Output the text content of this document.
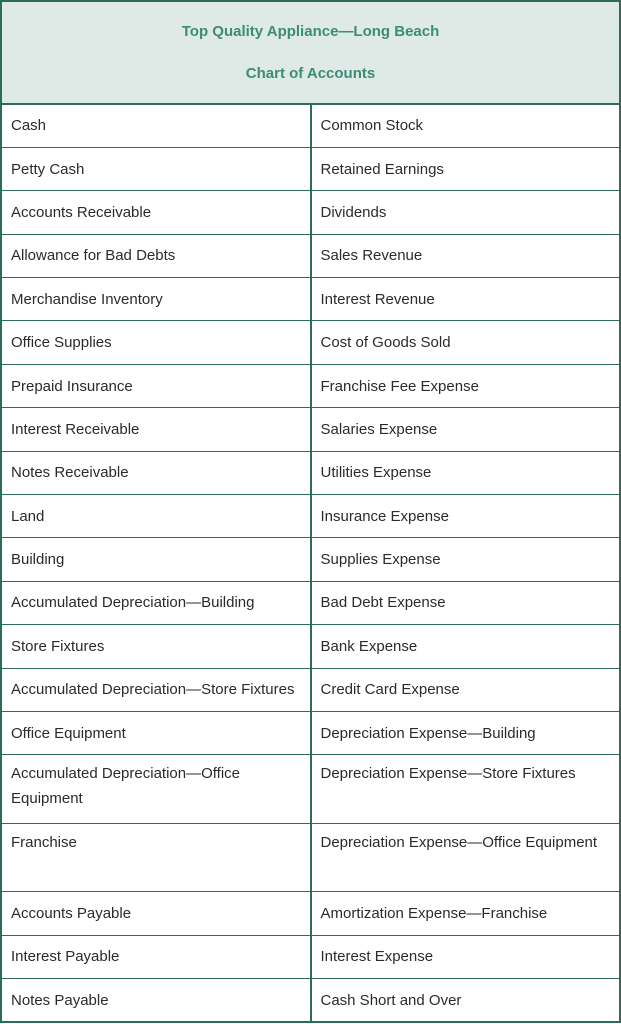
Top Quality Appliance—Long Beach
Chart of Accounts	

Cash	Common Stock
Petty Cash	Retained Earnings
Accounts Receivable	Dividends
Allowance for Bad Debts	Sales Revenue
Merchandise Inventory	Interest Revenue
Office Supplies	Cost of Goods Sold
Prepaid Insurance	Franchise Fee Expense
Interest Receivable	Salaries Expense
Notes Receivable	Utilities Expense
Land	Insurance Expense
Building	Supplies Expense
Accumulated Depreciation—Building	Bad Debt Expense
Store Fixtures	Bank Expense
Accumulated Depreciation—Store Fixtures	Credit Card Expense
Office Equipment	Depreciation Expense—Building
Accumulated Depreciation—Office Equipment	Depreciation Expense—Store Fixtures
Franchise	Depreciation Expense—Office Equipment
Accounts Payable	Amortization Expense—Franchise
Interest Payable	Interest Expense
Notes Payable	Cash Short and Over
